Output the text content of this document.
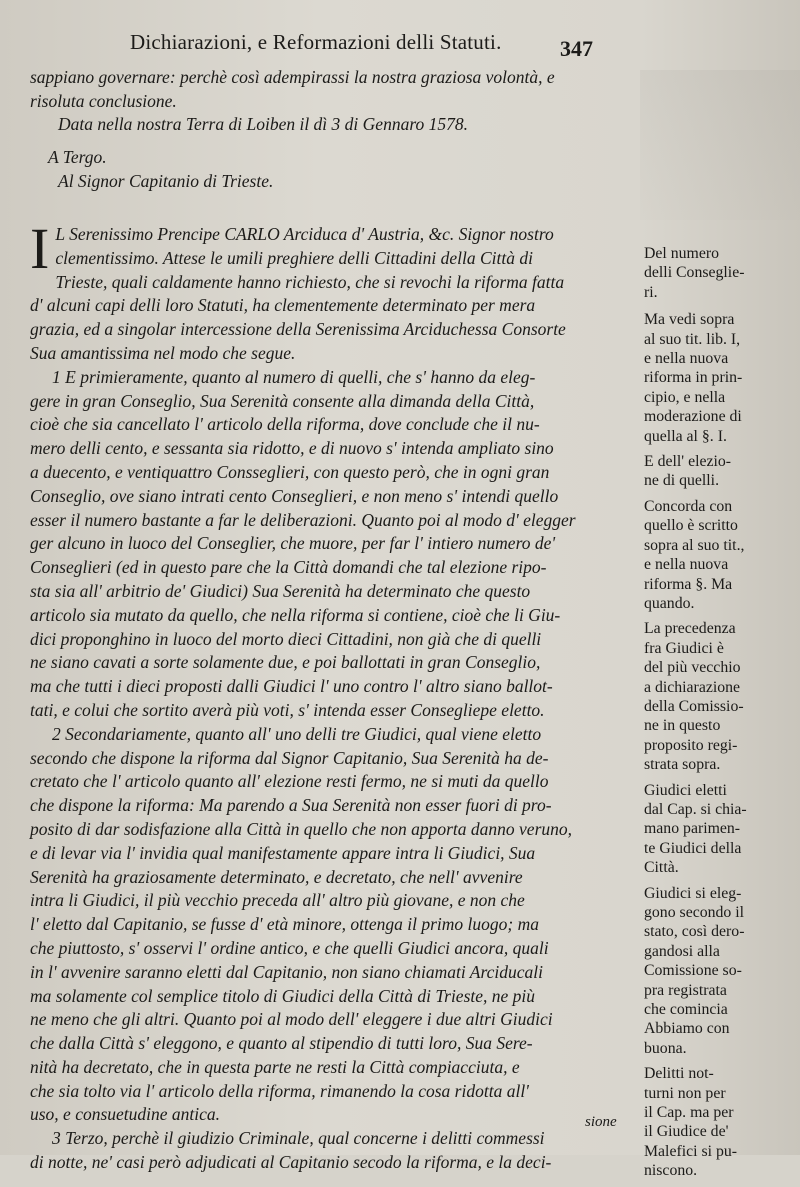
Dichiarazioni, e Reformazioni delli Statuti.	347
sappiano governare: perchè così adempirassi la nostra graziosa volontà, e
risoluta conclusione.
Data nella nostra Terra di Loiben il dì 3 di Gennaro 1578.
A Tergo.
Al Signor Capitanio di Trieste.
I L Serenissimo Prencipe CARLO Arciduca d' Austria, &c. Signor nostro
clementissimo. Attese le umili preghiere delli Cittadini della Città di
Trieste, quali caldamente hanno richiesto, che si revochi la riforma fatta
d' alcuni capi delli loro Statuti, ha clementemente determinato per mera
grazia, ed a singolar intercessione della Serenissima Arciduchessa Consorte
Sua amantissima nel modo che segue.
1 E primieramente, quanto al numero di quelli, che s' hanno da eleg-
gere in gran Conseglio, Sua Serenità consente alla dimanda della Città,
cioè che sia cancellato l' articolo della riforma, dove conclude che il nu-
mero delli cento, e sessanta sia ridotto, e di nuovo s' intenda ampliato sino
a duecento, e ventiquattro Consseglieri, con questo però, che in ogni gran
Conseglio, ove siano intrati cento Conseglieri, e non meno s' intendi quello
esser il numero bastante a far le deliberazioni. Quanto poi al modo d' elegger
ger alcuno in luoco del Conseglier, che muore, per far l' intiero numero de'
Conseglieri (ed in questo pare che la Città domandi che tal elezione ripo-
sta sia all' arbitrio de' Giudici) Sua Serenità ha determinato che questo
articolo sia mutato da quello, che nella riforma si contiene, cioè che li Giu-
dici proponghino in luoco del morto dieci Cittadini, non già che di quelli
ne siano cavati a sorte solamente due, e poi ballottati in gran Conseglio,
ma che tutti i dieci proposti dalli Giudici l' uno contro l' altro siano ballot-
tati, e colui che sortito averà più voti, s' intenda esser Conseglieре eletto.
2 Secondariamente, quanto all' uno delli tre Giudici, qual viene eletto
secondo che dispone la riforma dal Signor Capitanio, Sua Serenità ha de-
cretato che l' articolo quanto all' elezione resti fermo, ne si muti da quello
che dispone la riforma: Ma parendo a Sua Serenità non esser fuori di pro-
posito di dar sodisfazione alla Città in quello che non apporta danno veruno,
e di levar via l' invidia qual manifestamente appare intra li Giudici, Sua
Serenità ha graziosamente determinato, e decretato, che nell' avvenire
intra li Giudici, il più vecchio preceda all' altro più giovane, e non che
l' eletto dal Capitanio, se fusse d' età minore, ottenga il primo luogo; ma
che piuttosto, s' osservi l' ordine antico, e che quelli Giudici ancora, quali
in l' avvenire saranno eletti dal Capitanio, non siano chiamati Arciducali
ma solamente col semplice titolo di Giudici della Città di Trieste, ne più
ne meno che gli altri. Quanto poi al modo dell' eleggere i due altri Giudici
che dalla Città s' eleggono, e quanto al stipendio di tutti loro, Sua Sere-
nità ha decretato, che in questa parte ne resti la Città compiacciuta, e
che sia tolto via l' articolo della riforma, rimanendo la cosa ridotta all'
uso, e consuetudine antica.
3 Terzo, perchè il giudizio Criminale, qual concerne i delitti commessi
di notte, ne' casi però adjudicati al Capitanio secodo la riforma, e la deci-
Del numero
delli Consegliе-
ri.
Ma vedi sopra
al suo tit. lib. I,
e nella nuova
riforma in prin-
cipio, e nella
moderazione di
quella al §. I.
E dell' elezio-
ne di quelli.
Concorda con
quello è scritto
sopra al suo tit.,
e nella nuova
riforma §. Ma
quando.
La precedenza
fra Giudici è
del più vecchio
a dichiarazione
della Comissio-
ne in questo
proposito regi-
strata sopra.
Giudici eletti
dal Cap. si chia-
mano parimen-
te Giudici della
Città.
Giudici si eleg-
gono secondo il
stato, così dero-
gandosi alla
Comissione so-
pra registrata
che comincia
Abbiamo con
buona.
Delitti not-
turni non per
il Cap. ma per
il Giudice de'
Malefici si pu-
niscono.
sione
